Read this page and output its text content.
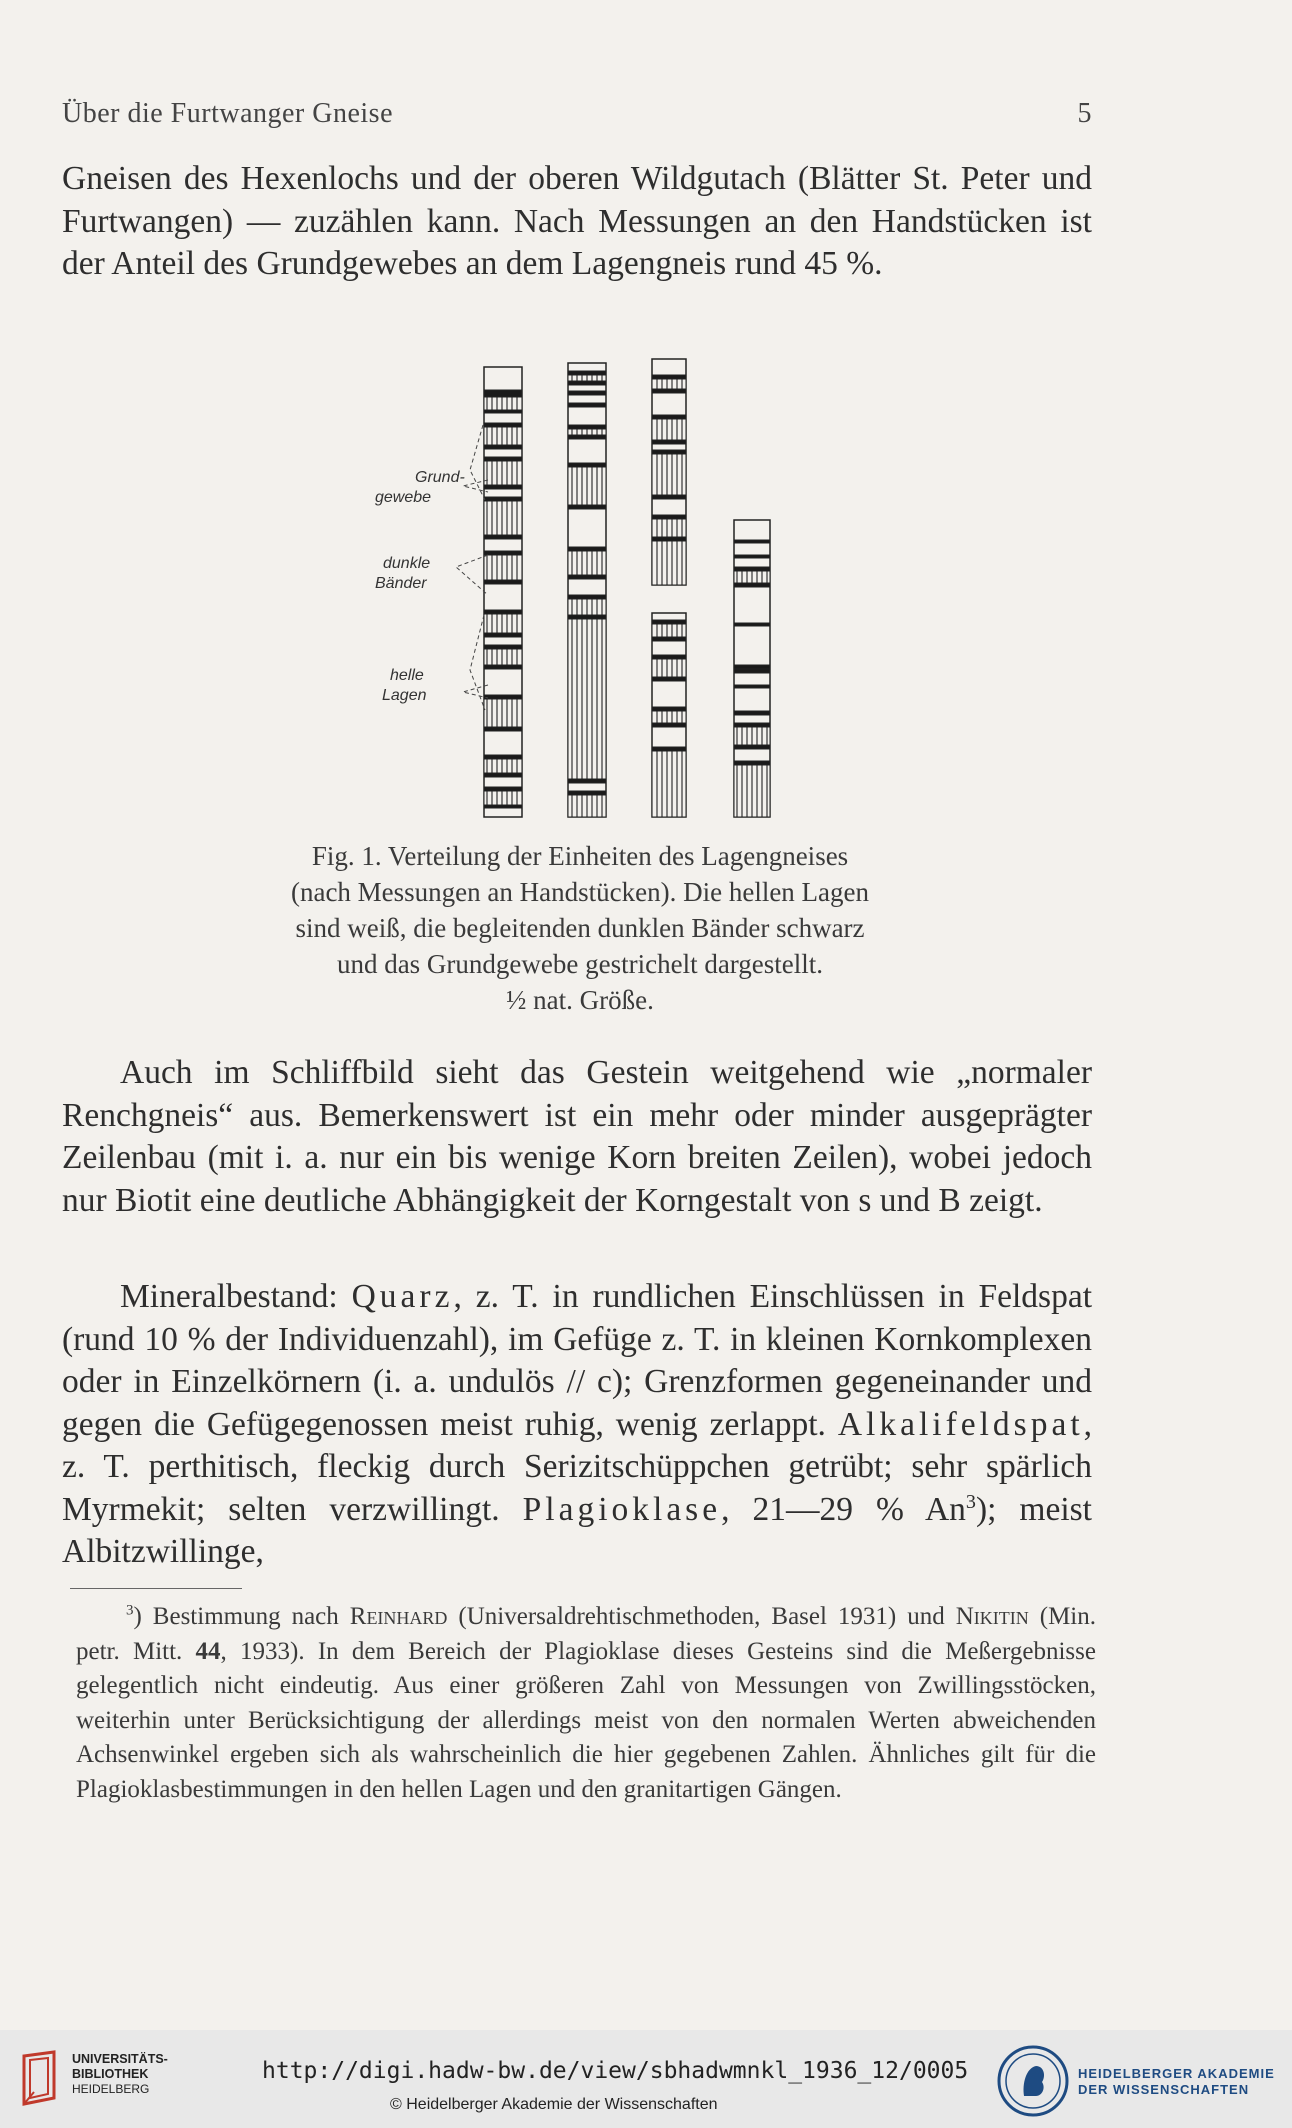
Über die Furtwanger Gneise	5
Gneisen des Hexenlochs und der oberen Wildgutach (Blätter St. Peter und Furtwangen) — zuzählen kann. Nach Messungen an den Handstücken ist der Anteil des Grundgewebes an dem Lagengneis rund 45 %.
Grund-
gewebe
dunkle
Bänder
helle
Lagen
Fig. 1. Verteilung der Einheiten des Lagengneises
(nach Messungen an Handstücken). Die hellen Lagen
sind weiß, die begleitenden dunklen Bänder schwarz
und das Grundgewebe gestrichelt dargestellt.
½ nat. Größe.
Auch im Schliffbild sieht das Gestein weitgehend wie „normaler Renchgneis“ aus. Bemerkenswert ist ein mehr oder minder ausgeprägter Zeilenbau (mit i. a. nur ein bis wenige Korn breiten Zeilen), wobei jedoch nur Biotit eine deutliche Abhängigkeit der Korngestalt von s und B zeigt.
Mineralbestand: Quarz, z. T. in rundlichen Einschlüssen in Feldspat (rund 10 % der Individuenzahl), im Gefüge z. T. in kleinen Kornkomplexen oder in Einzelkörnern (i. a. undulös // c); Grenzformen gegeneinander und gegen die Gefügegenossen meist ruhig, wenig zerlappt. Alkalifeldspat, z. T. perthitisch, fleckig durch Serizitschüppchen getrübt; sehr spärlich Myrmekit; selten verzwillingt. Plagioklase, 21—29 % An$^3$); meist Albitzwillinge,
$^3$) Bestimmung nach Reinhard (Universaldrehtischmethoden, Basel 1931) und Nikitin (Min. petr. Mitt. 44, 1933). In dem Bereich der Plagioklase dieses Gesteins sind die Meßergebnisse gelegentlich nicht eindeutig. Aus einer größeren Zahl von Messungen von Zwillingsstöcken, weiterhin unter Berücksichtigung der allerdings meist von den normalen Werten abweichenden Achsenwinkel ergeben sich als wahrscheinlich die hier gegebenen Zahlen. Ähnliches gilt für die Plagioklasbestimmungen in den hellen Lagen und den granitartigen Gängen.
UNIVERSITÄTS-
BIBLIOTHEK
HEIDELBERG
http://digi.hadw-bw.de/view/sbhadwmnkl_1936_12/0005
© Heidelberger Akademie der Wissenschaften
HEIDELBERGER AKADEMIE
DER WISSENSCHAFTEN
